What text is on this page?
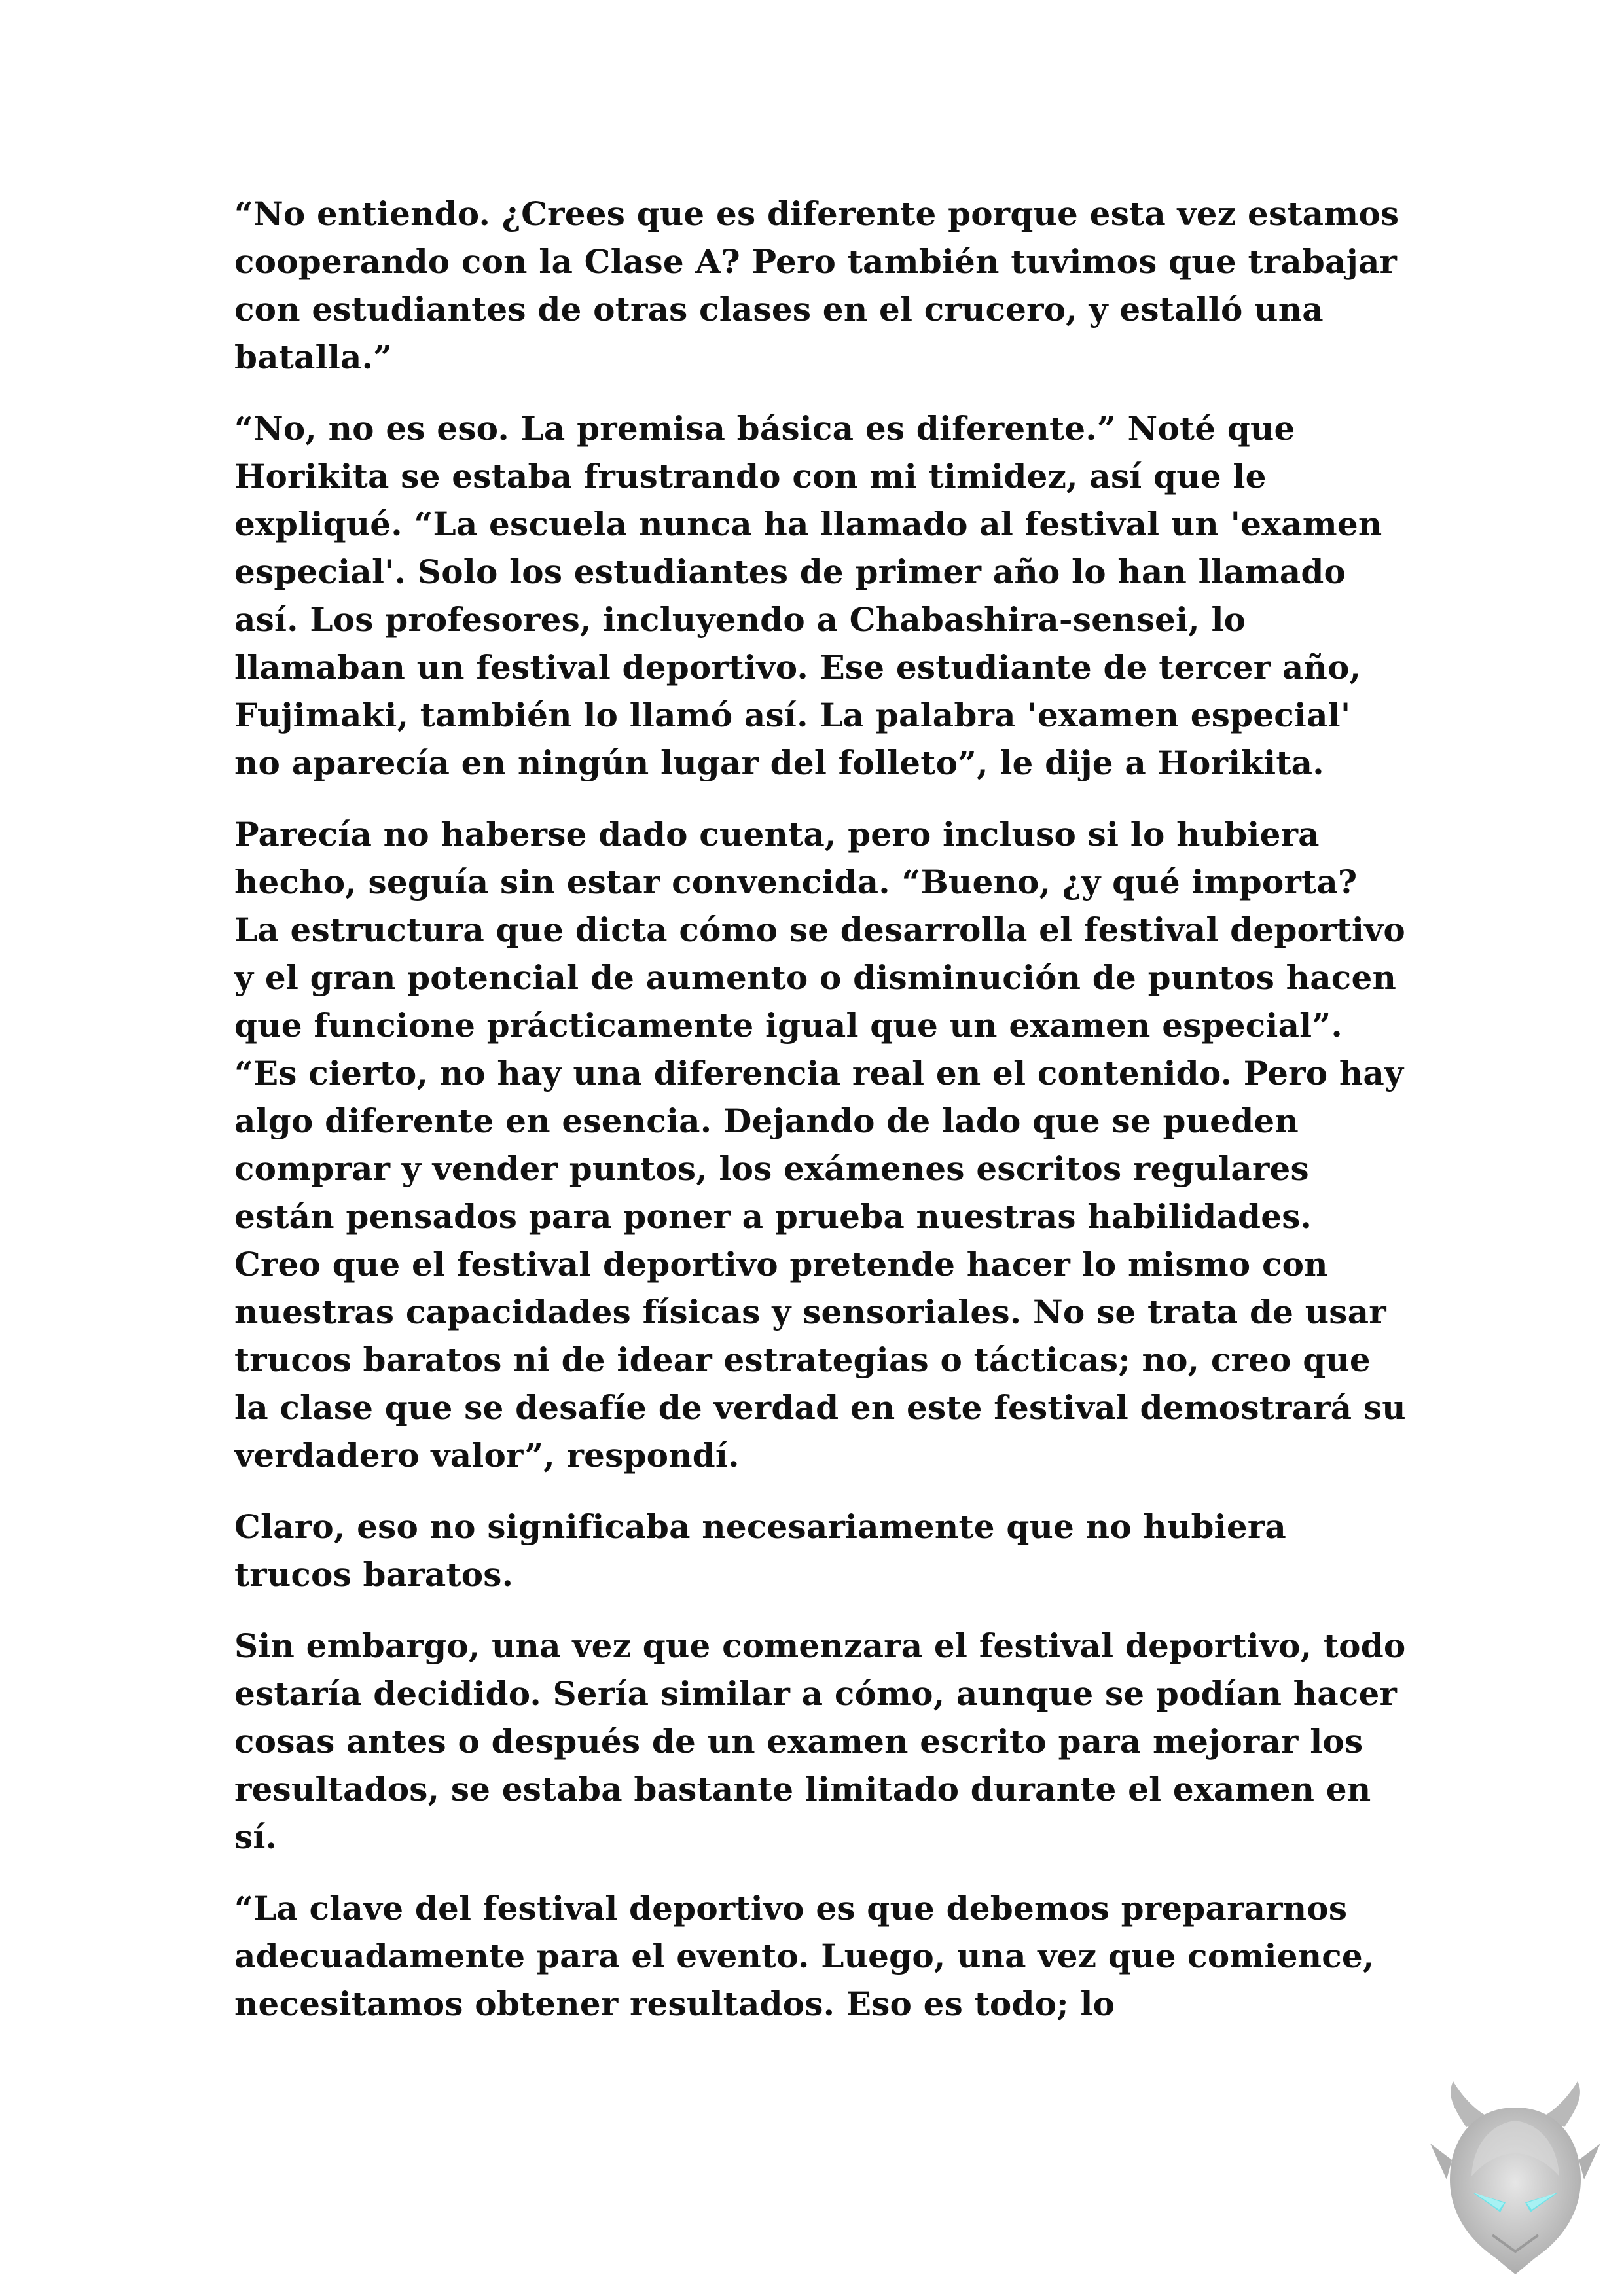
“No entiendo. ¿Crees que es diferente porque esta vez estamos cooperando con la Clase A? Pero también tuvimos que trabajar con estudiantes de otras clases en el crucero, y estalló una batalla.”

“No, no es eso. La premisa básica es diferente.” Noté que Horikita se estaba frustrando con mi timidez, así que le expliqué. “La escuela nunca ha llamado al festival un 'examen especial'. Solo los estudiantes de primer año lo han llamado así. Los profesores, incluyendo a Chabashira-sensei, lo llamaban un festival deportivo. Ese estudiante de tercer año, Fujimaki, también lo llamó así. La palabra 'examen especial' no aparecía en ningún lugar del folleto”, le dije a Horikita.

Parecía no haberse dado cuenta, pero incluso si lo hubiera hecho, seguía sin estar convencida. “Bueno, ¿y qué importa? La estructura que dicta cómo se desarrolla el festival deportivo y el gran potencial de aumento o disminución de puntos hacen que funcione prácticamente igual que un examen especial”. “Es cierto, no hay una diferencia real en el contenido. Pero hay algo diferente en esencia. Dejando de lado que se pueden comprar y vender puntos, los exámenes escritos regulares están pensados para poner a prueba nuestras habilidades. Creo que el festival deportivo pretende hacer lo mismo con nuestras capacidades físicas y sensoriales. No se trata de usar trucos baratos ni de idear estrategias o tácticas; no, creo que la clase que se desafíe de verdad en este festival demostrará su verdadero valor”, respondí.

Claro, eso no significaba necesariamente que no hubiera trucos baratos.

Sin embargo, una vez que comenzara el festival deportivo, todo estaría decidido. Sería similar a cómo, aunque se podían hacer cosas antes o después de un examen escrito para mejorar los resultados, se estaba bastante limitado durante el examen en sí.

“La clave del festival deportivo es que debemos prepararnos adecuadamente para el evento. Luego, una vez que comience, necesitamos obtener resultados. Eso es todo; lo
